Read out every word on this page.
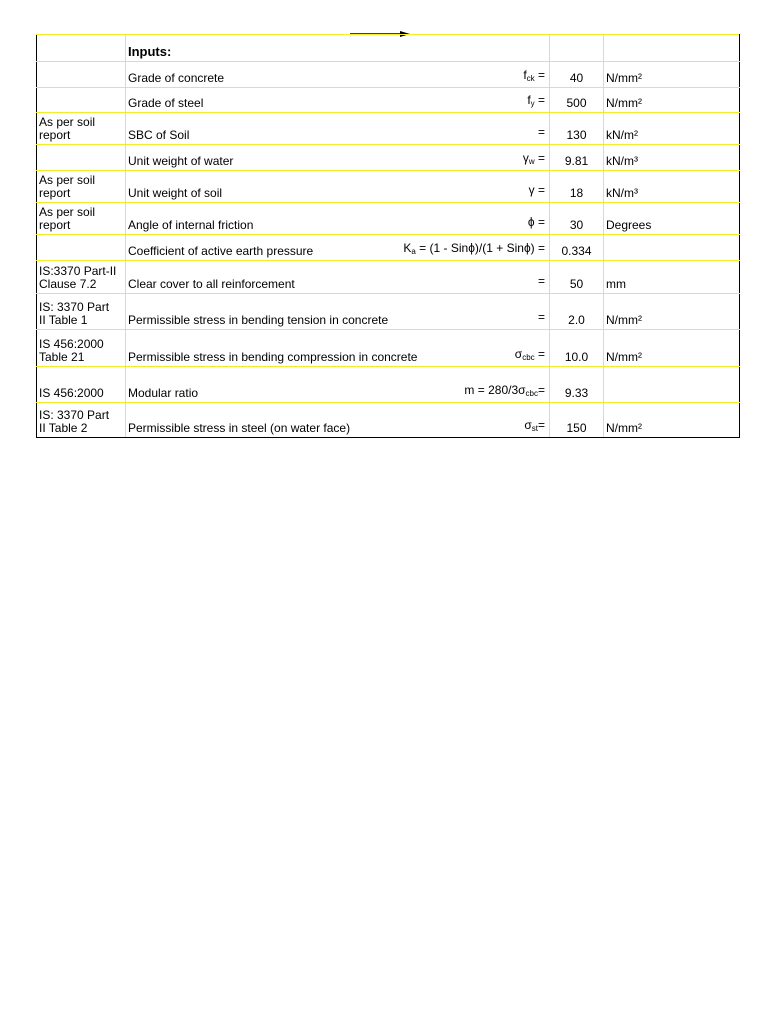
	Inputs:		

	Grade of concrete $f_{ck}$ =	40	N/mm²

	Grade of steel $f_y$ =	500	N/mm²
As per soil
report	SBC of Soil =	130	kN/m²

	Unit weight of water $\gamma_w$ =	9.81	kN/m³
As per soil
report	Unit weight of soil γ =	18	kN/m³
As per soil
report	Angle of internal friction ϕ =	30	Degrees

	Coefficient of active earth pressure $K_a = (1 - Sin\phi)/(1 + Sin\phi)$ =	0.334	
IS:3370 Part-II
Clause 7.2	Clear cover to all reinforcement =	50	mm
IS: 3370 Part
II Table 1	Permissible stress in bending tension in concrete =	2.0	N/mm²
IS 456:2000
Table 21	Permissible stress in bending compression in concrete $\sigma_{cbc}$ =	10.0	N/mm²
IS 456:2000	Modular ratio $m = 280/3\sigma_{cbc}=$	9.33	
IS: 3370 Part
II Table 2	Permissible stress in steel (on water face) $\sigma_{st}=$	150	N/mm²
